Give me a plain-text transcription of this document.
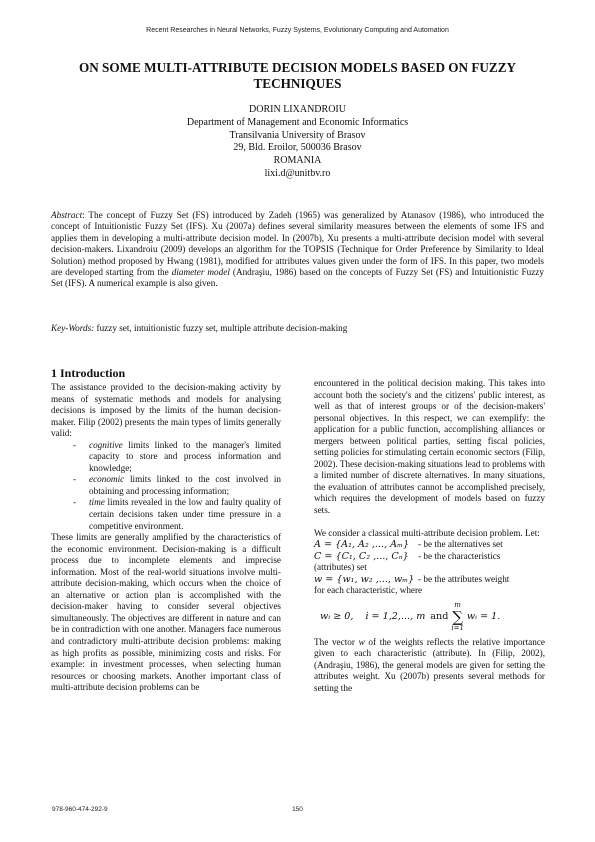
Recent Researches in Neural Networks, Fuzzy Systems, Evolutionary Computing and Automation
ON SOME MULTI-ATTRIBUTE DECISION MODELS BASED ON FUZZY TECHNIQUES
DORIN LIXANDROIU
Department of Management and Economic Informatics
Transilvania University of Brasov
29, Bld. Eroilor, 500036 Brasov
ROMANIA
lixi.d@unitbv.ro

Abstract: The concept of Fuzzy Set (FS) introduced by Zadeh (1965) was generalized by Atanasov (1986), who introduced the concept of Intuitionistic Fuzzy Set (IFS). Xu (2007a) defines several similarity measures between the elements of some IFS and applies them in developing a multi-attribute decision model. In (2007b), Xu presents a multi-attribute decision model with several decision-makers. Lixandroiu (2009) develops an algorithm for the TOPSIS (Technique for Order Preference by Similarity to Ideal Solution) method proposed by Hwang (1981), modified for attributes values given under the form of IFS. In this paper, two models are developed starting from the diameter model (Andraşiu, 1986) based on the concepts of Fuzzy Set (FS) and Intuitionistic Fuzzy Set (IFS). A numerical example is also given.

Key-Words: fuzzy set, intuitionistic fuzzy set, multiple attribute decision-making
1 Introduction

The assistance provided to the decision-making activity by means of systematic methods and models for analysing decisions is imposed by the limits of the human decision-maker. Filip (2002) presents the main types of limits generally valid:

- cognitive limits linked to the manager's limited capacity to store and process information and knowledge;
- economic limits linked to the cost involved in obtaining and processing information;
- time limits revealed in the low and faulty quality of certain decisions taken under time pressure in a competitive environment.

These limits are generally amplified by the characteristics of the economic environment. Decision-making is a difficult process due to incomplete elements and imprecise information. Most of the real-world situations involve multi-attribute decision-making, which occurs when the choice of an alternative or action plan is accomplished with the decision-maker having to consider several objectives simultaneously. The objectives are different in nature and can be in contradiction with one another. Managers face numerous and contradictory multi-attribute decision problems: making as high profits as possible, minimizing costs and risks. For example: in investment processes, when selecting human resources or choosing markets. Another important class of multi-attribute decision problems can be

encountered in the political decision making. This takes into account both the society's and the citizens' public interest, as well as that of interest groups or of the decision-makers' personal objectives. In this respect, we can exemplify: the application for a public function, accomplishing alliances or mergers between political parties, setting fiscal policies, setting policies for stimulating certain economic sectors (Filip, 2002). These decision-making situations lead to problems with a limited number of discrete alternatives. In many situations, the evaluation of attributes cannot be accomplished precisely, which requires the development of models based on fuzzy sets.

We consider a classical multi-attribute decision problem. Let:

A = {A₁, A₂ ,..., Aₘ} - be the alternatives set
C = {C₁, C₂ ,..., Cₙ}	- be the characteristics
(attributes) set
w = {w₁, w₂ ,..., wₘ} - be the attributes weight
for each characteristic, where
wᵢ ≥ 0, i = 1,2,..., m and
m
∑
i=1
wᵢ = 1.

The vector w of the weights reflects the relative importance given to each characteristic (attribute). In (Filip, 2002), (Andraşiu, 1986), the general models are given for setting the attributes weight. Xu (2007b) presents several methods for setting the

978-960-474-292-9	150
